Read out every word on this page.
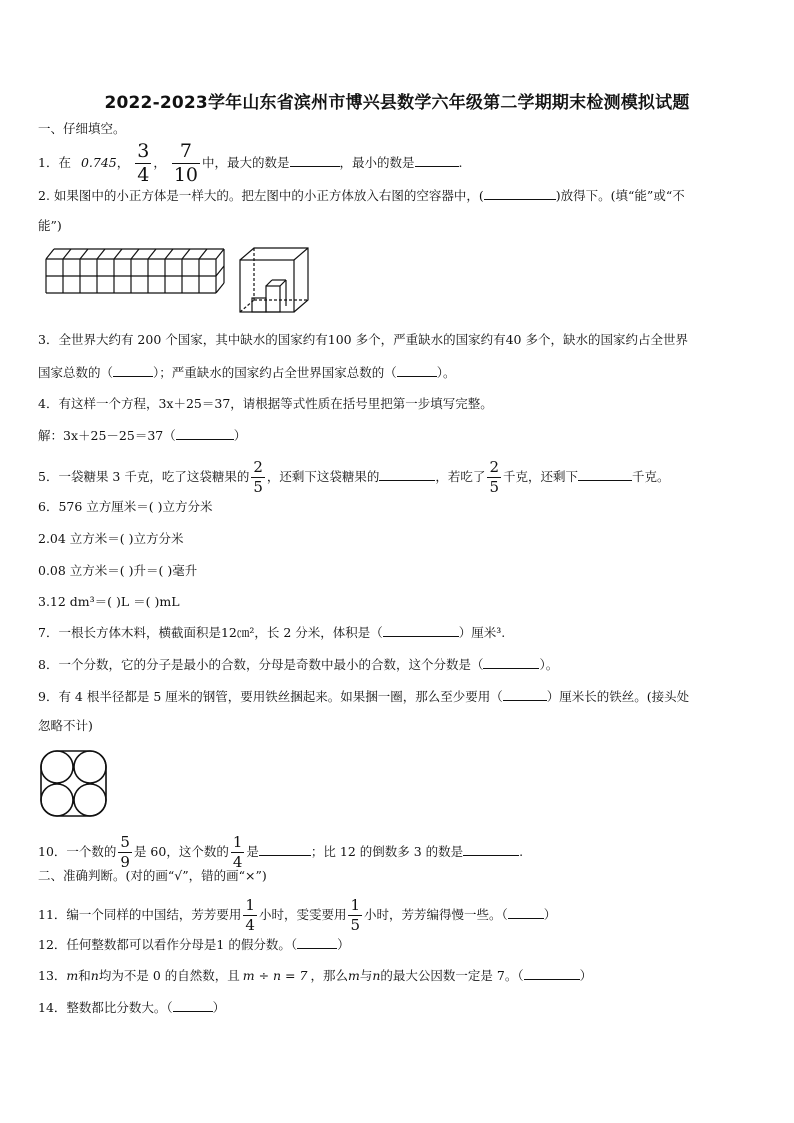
2022-2023学年山东省滨州市博兴县数学六年级第二学期期末检测模拟试题
一、仔细填空。
1．在 0.745， $\frac{3}{4}$ ， $\frac{7}{10}$ 中，最大的数是	，最小的数是	.
2. 如果图中的小正方体是一样大的。把左图中的小正方体放入右图的空容器中，(	)放得下。(填“能”或“不
能”)
3．全世界大约有 200 个国家，其中缺水的国家约有100 多个，严重缺水的国家约有40 多个，缺水的国家约占全世界
国家总数的（	）；严重缺水的国家约占全世界国家总数的（	）。
4．有这样一个方程，3x＋25＝37，请根据等式性质在括号里把第一步填写完整。
解：3x＋25－25＝37（	）
5．一袋糖果 3 千克，吃了这袋糖果的 $\frac{2}{5}$ ，还剩下这袋糖果的	，若吃了 $\frac{2}{5}$ 千克，还剩下	千克。
6．576 立方厘米＝( )立方分米
2.04 立方米＝( )立方分米
0.08 立方米＝( )升＝( )毫升
3.12 dm³＝( )L ＝( )mL
7．一根长方体木料，横截面积是12㎝²，长 2 分米，体积是（	）厘米³.
8．一个分数，它的分子是最小的合数，分母是奇数中最小的合数，这个分数是（	）。
9．有 4 根半径都是 5 厘米的钢管，要用铁丝捆起来。如果捆一圈，那么至少要用（	）厘米长的铁丝。(接头处
忽略不计)
10．一个数的 $\frac{5}{9}$ 是 60，这个数的 $\frac{1}{4}$ 是	；比 12 的倒数多 3 的数是	.
二、准确判断。(对的画“√”，错的画“×”)
11．编一个同样的中国结，芳芳要用 $\frac{1}{4}$ 小时，雯雯要用 $\frac{1}{5}$ 小时，芳芳编得慢一些。（	）
12．任何整数都可以看作分母是1 的假分数。（	）
13．m和n均为不是 0 的自然数，且 m ÷ n = 7 ，那么m与n的最大公因数一定是 7。（	）
14．整数都比分数大。（	）
